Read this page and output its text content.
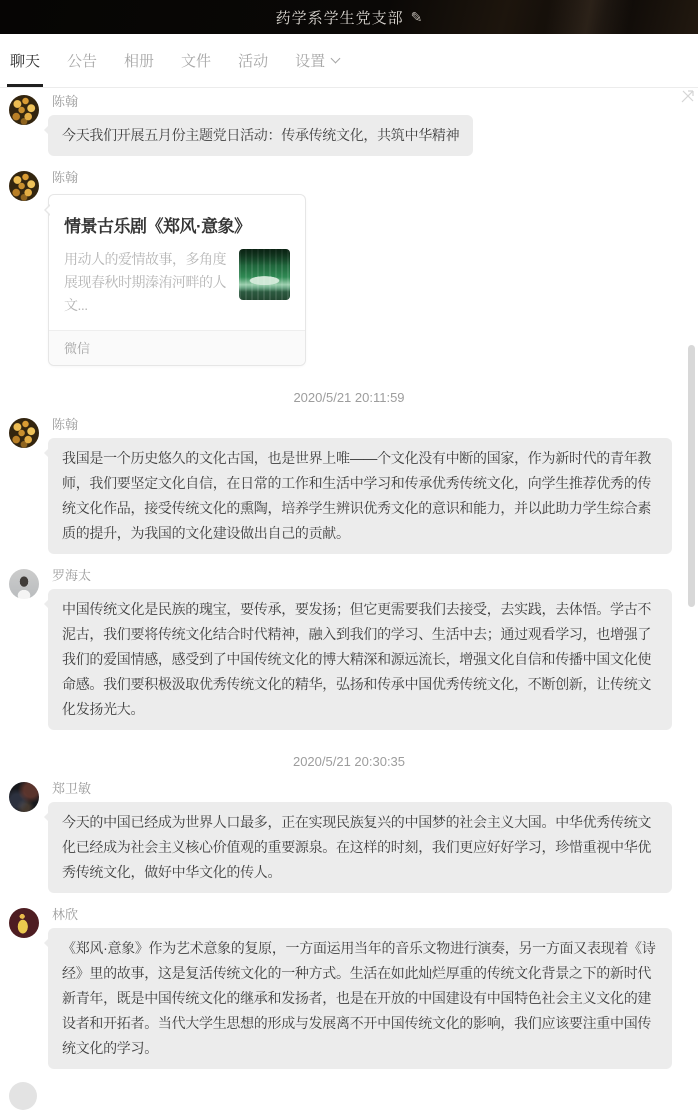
药学系学生党支部 ✎
聊天 公告 相册 文件 活动 设置
陈翰
今天我们开展五月份主题党日活动：传承传统文化，共筑中华精神
陈翰
情景古乐剧《郑风·意象》
用动人的爱情故事，多角度展现春秋时期溱洧河畔的人文...
微信
2020/5/21 20:11:59
陈翰
我国是一个历史悠久的文化古国，也是世界上唯——个文化没有中断的国家，作为新时代的青年教师，我们要坚定文化自信，在日常的工作和生活中学习和传承优秀传统文化，向学生推荐优秀的传统文化作品，接受传统文化的熏陶，培养学生辨识优秀文化的意识和能力，并以此助力学生综合素质的提升，为我国的文化建设做出自己的贡献。
罗海太
中国传统文化是民族的瑰宝，要传承，要发扬；但它更需要我们去接受，去实践，去体悟。学古不泥古，我们要将传统文化结合时代精神，融入到我们的学习、生活中去；通过观看学习，也增强了我们的爱国情感，感受到了中国传统文化的博大精深和源远流长，增强文化自信和传播中国文化使命感。我们要积极汲取优秀传统文化的精华，弘扬和传承中国优秀传统文化，不断创新，让传统文化发扬光大。
2020/5/21 20:30:35
郑卫敏
今天的中国已经成为世界人口最多，正在实现民族复兴的中国梦的社会主义大国。中华优秀传统文化已经成为社会主义核心价值观的重要源泉。在这样的时刻，我们更应好好学习，珍惜重视中华优秀传统文化，做好中华文化的传人。
林欣
《郑风·意象》作为艺术意象的复原，一方面运用当年的音乐文物进行演奏，另一方面又表现着《诗经》里的故事，这是复活传统文化的一种方式。生活在如此灿烂厚重的传统文化背景之下的新时代新青年，既是中国传统文化的继承和发扬者，也是在开放的中国建设有中国特色社会主义文化的建设者和开拓者。当代大学生思想的形成与发展离不开中国传统文化的影响，我们应该要注重中国传统文化的学习。
